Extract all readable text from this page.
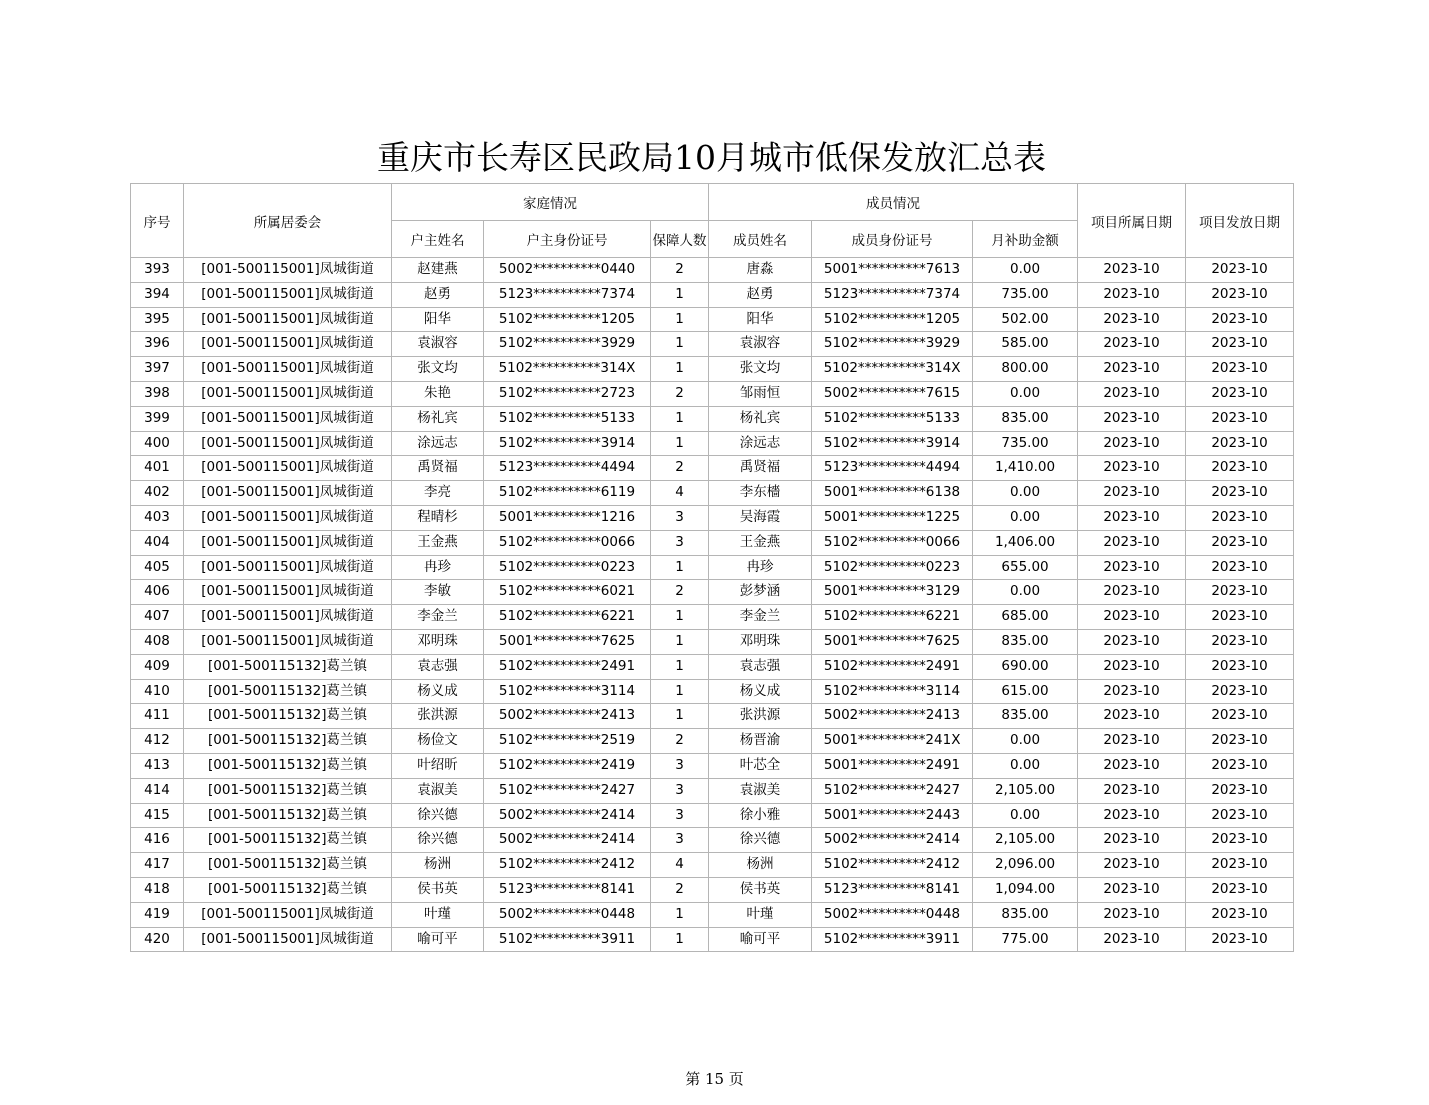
重庆市长寿区民政局10月城市低保发放汇总表
序号	所属居委会	家庭情况			成员情况			项目所属日期	项目发放日期
		户主姓名	户主身份证号	保障人数	成员姓名	成员身份证号	月补助金额		
393	[001-500115001]凤城街道	赵建燕	5002**********0440	2	唐淼	5001**********7613	0.00	2023-10	2023-10
394	[001-500115001]凤城街道	赵勇	5123**********7374	1	赵勇	5123**********7374	735.00	2023-10	2023-10
395	[001-500115001]凤城街道	阳华	5102**********1205	1	阳华	5102**********1205	502.00	2023-10	2023-10
396	[001-500115001]凤城街道	袁淑容	5102**********3929	1	袁淑容	5102**********3929	585.00	2023-10	2023-10
397	[001-500115001]凤城街道	张文均	5102**********314X	1	张文均	5102**********314X	800.00	2023-10	2023-10
398	[001-500115001]凤城街道	朱艳	5102**********2723	2	邹雨恒	5002**********7615	0.00	2023-10	2023-10
399	[001-500115001]凤城街道	杨礼宾	5102**********5133	1	杨礼宾	5102**********5133	835.00	2023-10	2023-10
400	[001-500115001]凤城街道	涂远志	5102**********3914	1	涂远志	5102**********3914	735.00	2023-10	2023-10
401	[001-500115001]凤城街道	禹贤福	5123**********4494	2	禹贤福	5123**********4494	1,410.00	2023-10	2023-10
402	[001-500115001]凤城街道	李亮	5102**********6119	4	李东檣	5001**********6138	0.00	2023-10	2023-10
403	[001-500115001]凤城街道	程晴杉	5001**********1216	3	吴海霞	5001**********1225	0.00	2023-10	2023-10
404	[001-500115001]凤城街道	王金燕	5102**********0066	3	王金燕	5102**********0066	1,406.00	2023-10	2023-10
405	[001-500115001]凤城街道	冉珍	5102**********0223	1	冉珍	5102**********0223	655.00	2023-10	2023-10
406	[001-500115001]凤城街道	李敏	5102**********6021	2	彭梦涵	5001**********3129	0.00	2023-10	2023-10
407	[001-500115001]凤城街道	李金兰	5102**********6221	1	李金兰	5102**********6221	685.00	2023-10	2023-10
408	[001-500115001]凤城街道	邓明珠	5001**********7625	1	邓明珠	5001**********7625	835.00	2023-10	2023-10
409	[001-500115132]葛兰镇	袁志强	5102**********2491	1	袁志强	5102**********2491	690.00	2023-10	2023-10
410	[001-500115132]葛兰镇	杨义成	5102**********3114	1	杨义成	5102**********3114	615.00	2023-10	2023-10
411	[001-500115132]葛兰镇	张洪源	5002**********2413	1	张洪源	5002**********2413	835.00	2023-10	2023-10
412	[001-500115132]葛兰镇	杨俭文	5102**********2519	2	杨晋渝	5001**********241X	0.00	2023-10	2023-10
413	[001-500115132]葛兰镇	叶绍昕	5102**********2419	3	叶芯全	5001**********2491	0.00	2023-10	2023-10
414	[001-500115132]葛兰镇	袁淑美	5102**********2427	3	袁淑美	5102**********2427	2,105.00	2023-10	2023-10
415	[001-500115132]葛兰镇	徐兴德	5002**********2414	3	徐小雅	5001**********2443	0.00	2023-10	2023-10
416	[001-500115132]葛兰镇	徐兴德	5002**********2414	3	徐兴德	5002**********2414	2,105.00	2023-10	2023-10
417	[001-500115132]葛兰镇	杨洲	5102**********2412	4	杨洲	5102**********2412	2,096.00	2023-10	2023-10
418	[001-500115132]葛兰镇	侯书英	5123**********8141	2	侯书英	5123**********8141	1,094.00	2023-10	2023-10
419	[001-500115001]凤城街道	叶瑾	5002**********0448	1	叶瑾	5002**********0448	835.00	2023-10	2023-10
420	[001-500115001]凤城街道	喻可平	5102**********3911	1	喻可平	5102**********3911	775.00	2023-10	2023-10
第 15 页
